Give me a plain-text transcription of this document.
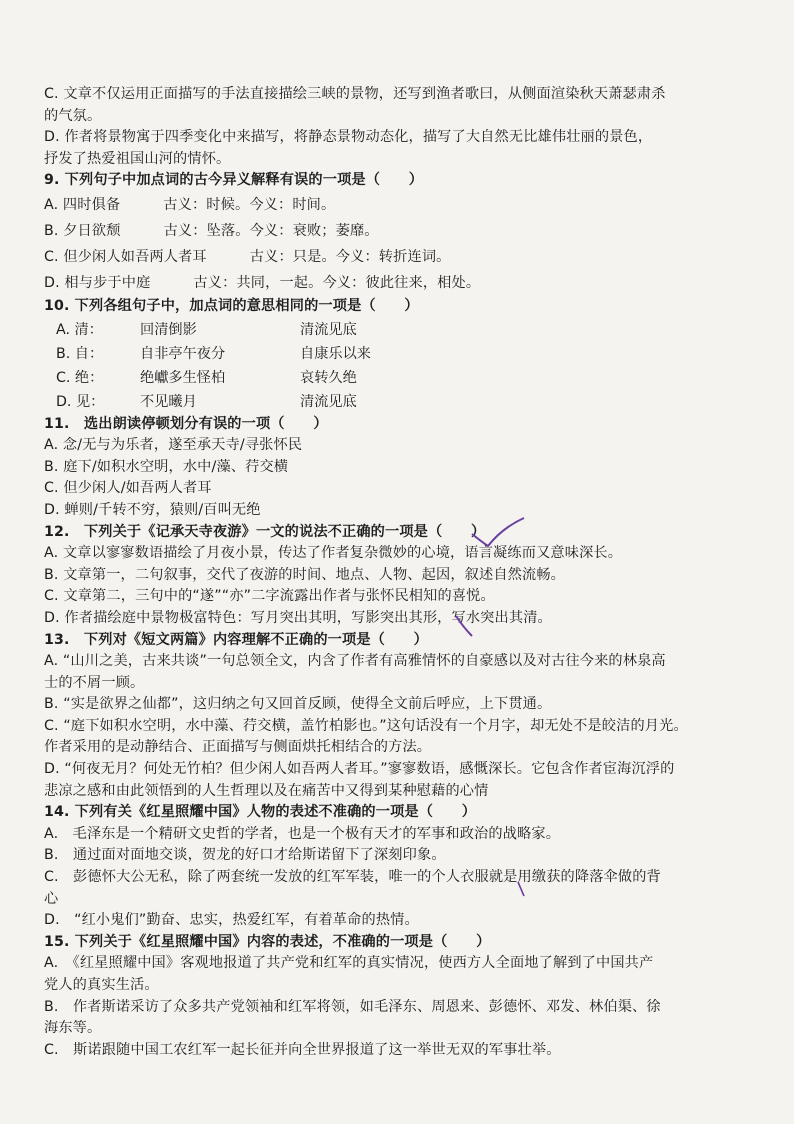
C. 文章不仅运用正面描写的手法直接描绘三峡的景物，还写到渔者歌曰，从侧面渲染秋天萧瑟肃杀
的气氛。
D. 作者将景物寓于四季变化中来描写，将静态景物动态化，描写了大自然无比雄伟壮丽的景色，
抒发了热爱祖国山河的情怀。
9. 下列句子中加点词的古今异义解释有误的一项是（　　）
A. 四时俱备　　　古义：时候。今义：时间。
B. 夕日欲颓　　　古义：坠落。今义：衰败；萎靡。
C. 但少闲人如吾两人者耳　　　古义：只是。今义：转折连词。
D. 相与步于中庭　　　古义：共同，一起。今义：彼此往来，相处。
10. 下列各组句子中，加点词的意思相同的一项是（　　）
A. 清：	回清倒影	清流见底
B. 自：	自非亭午夜分	自康乐以来
C. 绝：	绝巘多生怪柏	哀转久绝
D. 见：	不见曦月	清流见底
11.　选出朗读停顿划分有误的一项（　　）
A. 念/无与为乐者，遂至承天寺/寻张怀民
B. 庭下/如积水空明，水中/藻、荇交横
C. 但少闲人/如吾两人者耳
D. 蝉则/千转不穷，猿则/百叫无绝
12.　下列关于《记承天寺夜游》一文的说法不正确的一项是（　　）
A. 文章以寥寥数语描绘了月夜小景，传达了作者复杂微妙的心境，语言凝练而又意味深长。
B. 文章第一，二句叙事，交代了夜游的时间、地点、人物、起因，叙述自然流畅。
C. 文章第二，三句中的“遂”“亦”二字流露出作者与张怀民相知的喜悦。
D. 作者描绘庭中景物极富特色：写月突出其明，写影突出其形，写水突出其清。
13.　下列对《短文两篇》内容理解不正确的一项是（　　）
A. “山川之美，古来共谈”一句总领全文，内含了作者有高雅情怀的自豪感以及对古往今来的林泉高
士的不屑一顾。
B. “实是欲界之仙都”，这归纳之句又回首反顾，使得全文前后呼应，上下贯通。
C. “庭下如积水空明，水中藻、荇交横，盖竹柏影也。”这句话没有一个月字，却无处不是皎洁的月光。
作者采用的是动静结合、正面描写与侧面烘托相结合的方法。
D. “何夜无月？何处无竹柏？但少闲人如吾两人者耳。”寥寥数语，感慨深长。它包含作者宦海沉浮的
悲凉之感和由此领悟到的人生哲理以及在痛苦中又得到某种慰藉的心情
14. 下列有关《红星照耀中国》人物的表述不准确的一项是（　　）
A.　毛泽东是一个精研文史哲的学者，也是一个极有天才的军事和政治的战略家。
B.　通过面对面地交谈，贺龙的好口才给斯诺留下了深刻印象。
C.　彭德怀大公无私，除了两套统一发放的红军军装，唯一的个人衣服就是用缴获的降落伞做的背
心
D.　“红小鬼们”勤奋、忠实，热爱红军，有着革命的热情。
15. 下列关于《红星照耀中国》内容的表述，不准确的一项是（　　）
A.　《红星照耀中国》客观地报道了共产党和红军的真实情况，使西方人全面地了解到了中国共产
党人的真实生活。
B.　作者斯诺采访了众多共产党领袖和红军将领，如毛泽东、周恩来、彭德怀、邓发、林伯渠、徐
海东等。
C.　斯诺跟随中国工农红军一起长征并向全世界报道了这一举世无双的军事壮举。
